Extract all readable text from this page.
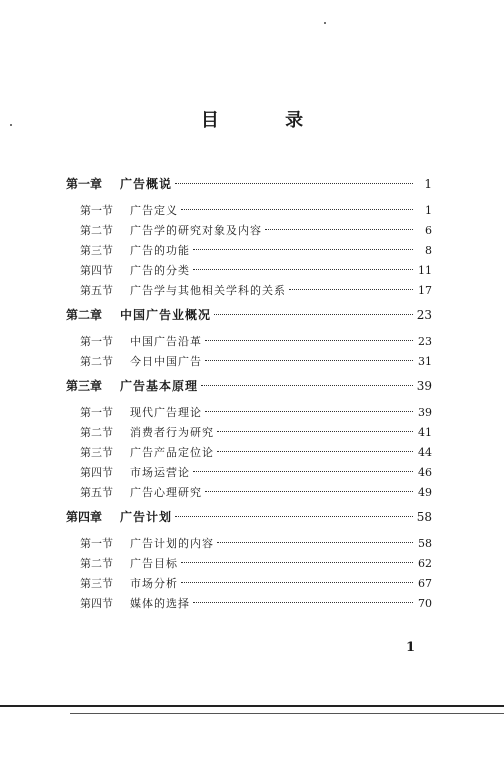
目 录
第一章	广告概说	1
第一节	广告定义	1
第二节	广告学的研究对象及内容	6
第三节	广告的功能	8
第四节	广告的分类	11
第五节	广告学与其他相关学科的关系	17
第二章	中国广告业概况	23
第一节	中国广告沿革	23
第二节	今日中国广告	31
第三章	广告基本原理	39
第一节	现代广告理论	39
第二节	消费者行为研究	41
第三节	广告产品定位论	44
第四节	市场运营论	46
第五节	广告心理研究	49
第四章	广告计划	58
第一节	广告计划的内容	58
第二节	广告目标	62
第三节	市场分析	67
第四节	媒体的选择	70
1
